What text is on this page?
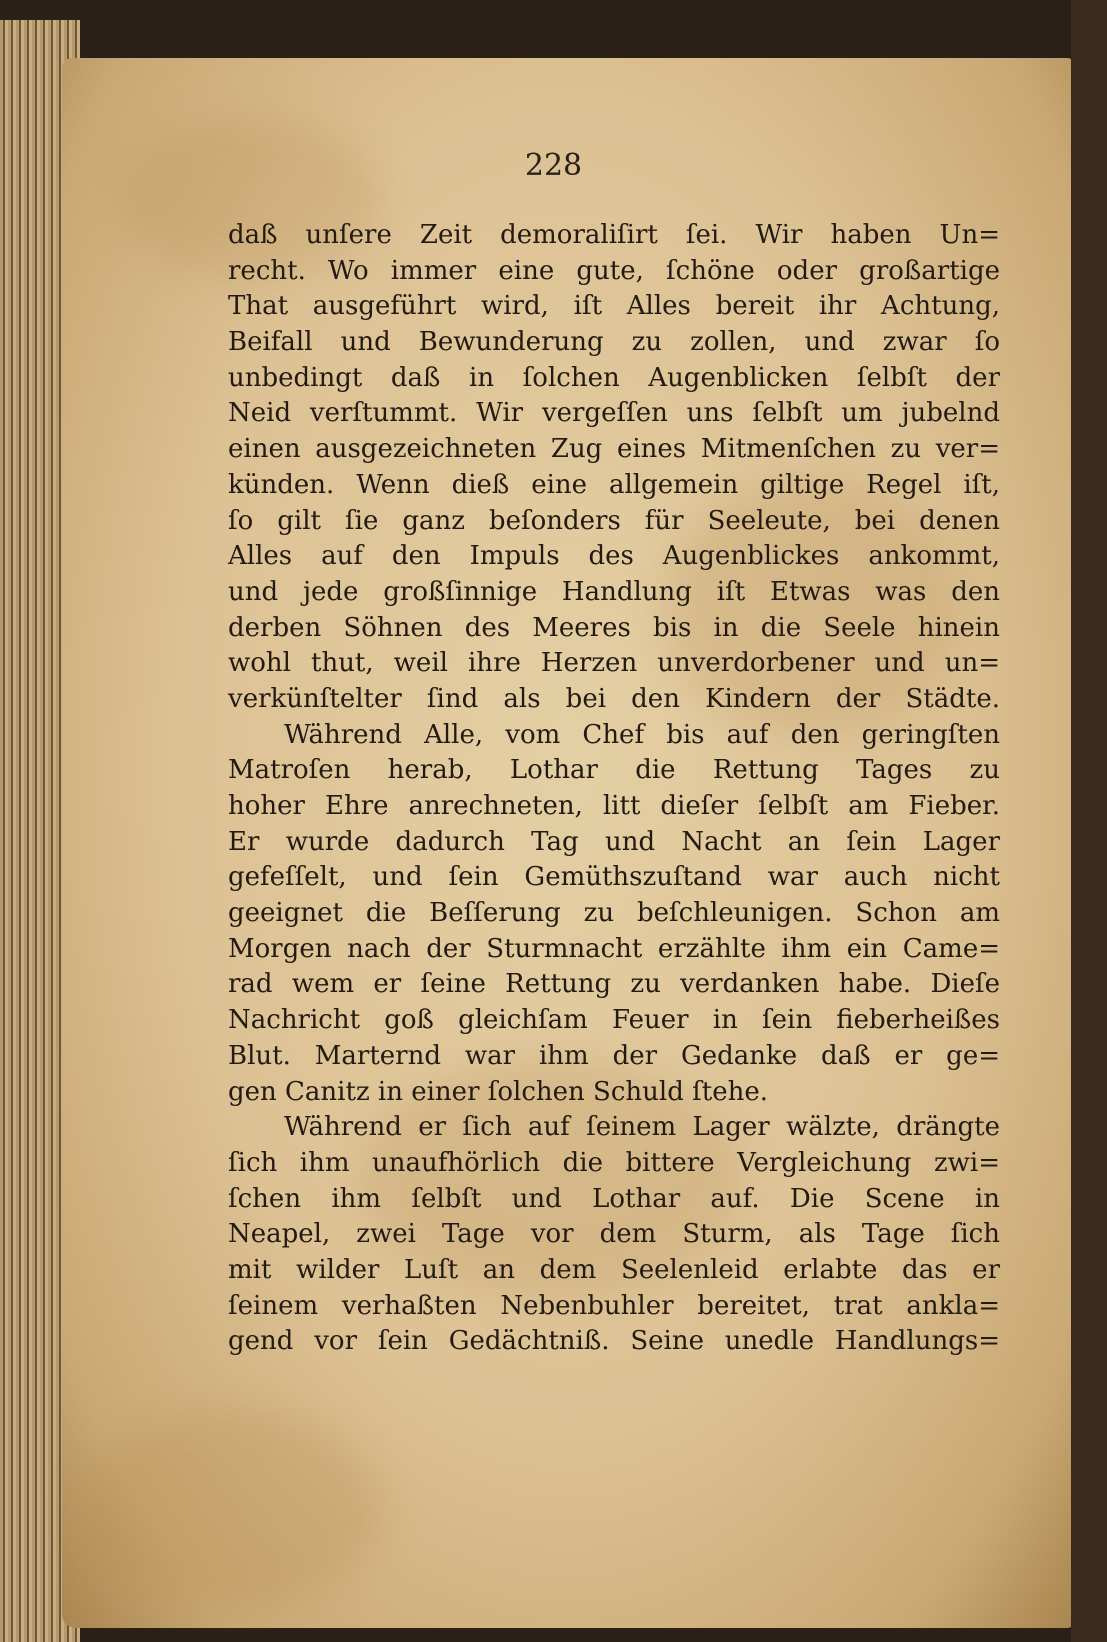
228
daß unſere Zeit demoraliſirt ſei. Wir haben Un=
recht. Wo immer eine gute, ſchöne oder großartige
That ausgeführt wird, iſt Alles bereit ihr Achtung,
Beifall und Bewunderung zu zollen, und zwar ſo
unbedingt daß in ſolchen Augenblicken ſelbſt der
Neid verſtummt. Wir vergeſſen uns ſelbſt um jubelnd
einen ausgezeichneten Zug eines Mitmenſchen zu ver=
künden. Wenn dieß eine allgemein giltige Regel iſt,
ſo gilt ſie ganz beſonders für Seeleute, bei denen
Alles auf den Impuls des Augenblickes ankommt,
und jede großſinnige Handlung iſt Etwas was den
derben Söhnen des Meeres bis in die Seele hinein
wohl thut, weil ihre Herzen unverdorbener und un=
verkünſtelter ſind als bei den Kindern der Städte.
Während Alle, vom Chef bis auf den geringſten
Matroſen herab, Lothar die Rettung Tages zu
hoher Ehre anrechneten, litt dieſer ſelbſt am Fieber.
Er wurde dadurch Tag und Nacht an ſein Lager
gefeſſelt, und ſein Gemüthszuſtand war auch nicht
geeignet die Beſſerung zu beſchleunigen. Schon am
Morgen nach der Sturmnacht erzählte ihm ein Came=
rad wem er ſeine Rettung zu verdanken habe. Dieſe
Nachricht goß gleichſam Feuer in ſein fieberheißes
Blut. Marternd war ihm der Gedanke daß er ge=
gen Canitz in einer ſolchen Schuld ſtehe.
Während er ſich auf ſeinem Lager wälzte, drängte
ſich ihm unaufhörlich die bittere Vergleichung zwi=
ſchen ihm ſelbſt und Lothar auf. Die Scene in
Neapel, zwei Tage vor dem Sturm, als Tage ſich
mit wilder Luſt an dem Seelenleid erlabte das er
ſeinem verhaßten Nebenbuhler bereitet, trat ankla=
gend vor ſein Gedächtniß. Seine unedle Handlungs=
